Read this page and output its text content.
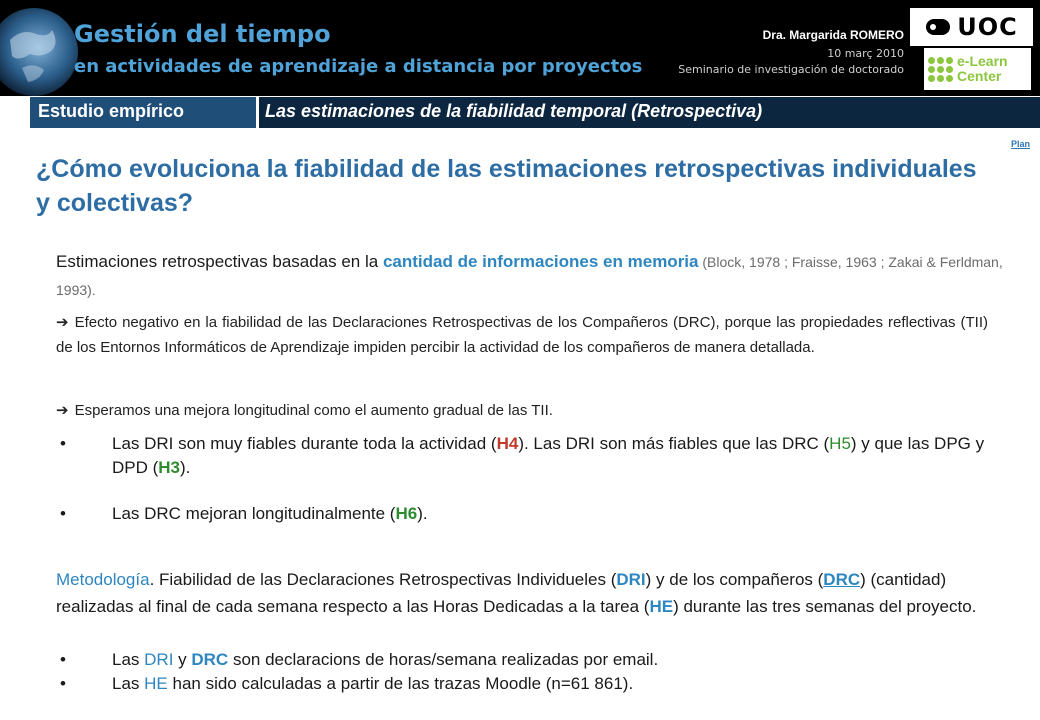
Gestión del tiempo
en actividades de aprendizaje a distancia por proyectos
Dra. Margarida ROMERO
10 març 2010
Seminario de investigación de doctorado
UOC
e-Learn
Center
Estudio empírico	Las estimaciones de la fiabilidad temporal (Retrospectiva)
Plan
¿Cómo evoluciona la fiabilidad de las estimaciones retrospectivas individuales y colectivas?
Estimaciones retrospectivas basadas en la cantidad de informaciones en memoria (Block, 1978 ; Fraisse, 1963 ; Zakai & Ferldman, 1993).
➔ Efecto negativo en la fiabilidad de las Declaraciones Retrospectivas de los Compañeros (DRC), porque las propiedades reflectivas (TII) de los Entornos Informáticos de Aprendizaje impiden percibir la actividad de los compañeros de manera detallada.
➔ Esperamos una mejora longitudinal como el aumento gradual de las TII.
•	Las DRI son muy fiables durante toda la actividad (H4). Las DRI son más fiables que las DRC (H5) y que las DPG y DPD (H3).
•	Las DRC mejoran longitudinalmente (H6).
Metodología. Fiabilidad de las Declaraciones Retrospectivas Individueles (DRI) y de los compañeros (DRC) (cantidad) realizadas al final de cada semana respecto a las Horas Dedicadas a la tarea (HE) durante las tres semanas del proyecto.
•	Las DRI y DRC son declaracions de horas/semana realizadas por email.
•	Las HE han sido calculadas a partir de las trazas Moodle (n=61 861).
